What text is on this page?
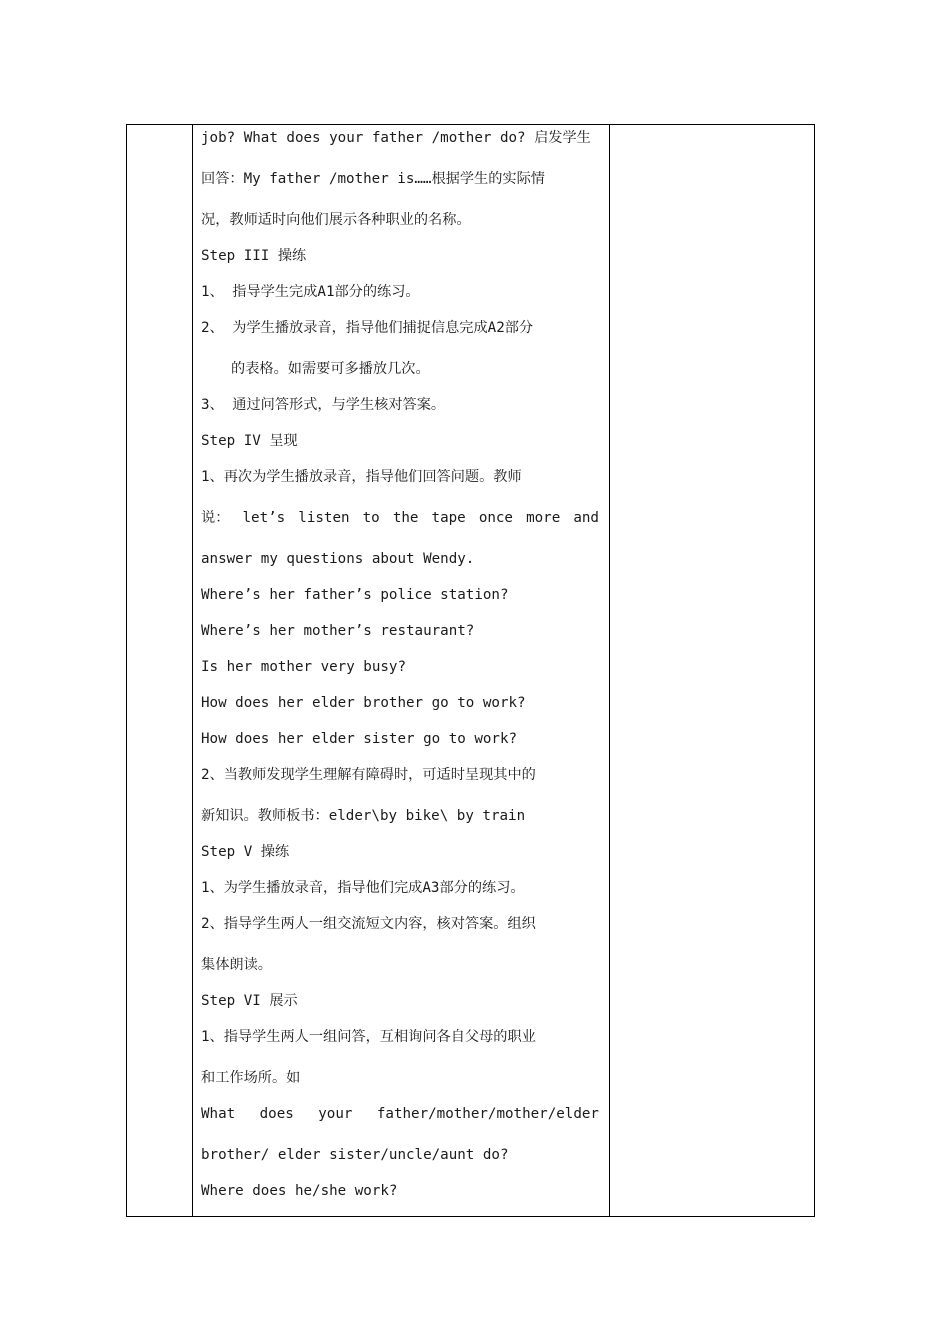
job? What does your father /mother do? 启发学生
回答：My father /mother is……根据学生的实际情
况，教师适时向他们展示各种职业的名称。
Step III 操练
1、 指导学生完成A1部分的练习。
2、 为学生播放录音，指导他们捕捉信息完成A2部分
的表格。如需要可多播放几次。
3、 通过问答形式，与学生核对答案。
Step IV 呈现
1、再次为学生播放录音，指导他们回答问题。教师
说： let’s listen to the tape once more and
answer my questions about Wendy.
Where’s her father’s police station?
Where’s her mother’s restaurant?
Is her mother very busy?
How does her elder brother go to work?
How does her elder sister go to work?
2、当教师发现学生理解有障碍时，可适时呈现其中的
新知识。教师板书：elder\by bike\ by train
Step V 操练
1、为学生播放录音，指导他们完成A3部分的练习。
2、指导学生两人一组交流短文内容，核对答案。组织
集体朗读。
Step VI 展示
1、指导学生两人一组问答，互相询问各自父母的职业
和工作场所。如
What does your father/mother/mother/elder
brother/ elder sister/uncle/aunt do?
Where does he/she work?
